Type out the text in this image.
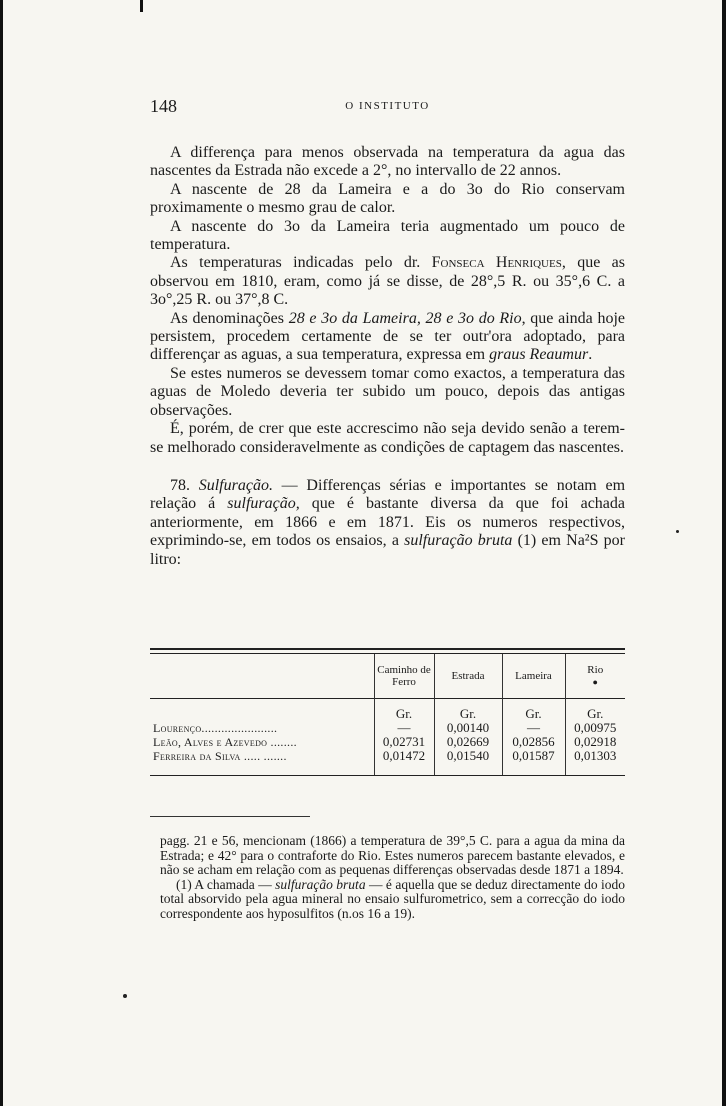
148	O INSTITUTO

A differença para menos observada na temperatura da agua das nascentes da Estrada não excede a 2°, no intervallo de 22 annos.

A nascente de 28 da Lameira e a do 3o do Rio conservam proximamente o mesmo grau de calor.

A nascente do 3o da Lameira teria augmentado um pouco de temperatura.

As temperaturas indicadas pelo dr. Fonseca Henriques, que as observou em 1810, eram, como já se disse, de 28°,5 R. ou 35°,6 C. a 3o°,25 R. ou 37°,8 C.

As denominações 28 e 3o da Lameira, 28 e 3o do Rio, que ainda hoje persistem, procedem certamente de se ter outr'ora adoptado, para differençar as aguas, a sua temperatura, expressa em graus Reaumur.

Se estes numeros se devessem tomar como exactos, a temperatura das aguas de Moledo deveria ter subido um pouco, depois das antigas observações.

É, porém, de crer que este accrescimo não seja devido senão a terem-se melhorado consideravelmente as condições de captagem das nascentes.

78. Sulfuração. — Differenças sérias e importantes se notam em relação á sulfuração, que é bastante diversa da que foi achada anteriormente, em 1866 e em 1871. Eis os numeros respectivos, exprimindo-se, em todos os ensaios, a sulfuração bruta (1) em Na²S por litro:

	Caminho de Ferro	Estrada	Lameira	Rio
●
	Gr.	Gr.	Gr.	Gr.
Lourenço.......................	—	0,00140	—	0,00975
Leão, Alves e Azevedo ........	0,02731	0,02669	0,02856	0,02918
Ferreira da Silva ..... .......	0,01472	0,01540	0,01587	0,01303

pagg. 21 e 56, mencionam (1866) a temperatura de 39°,5 C. para a agua da mina da Estrada; e 42° para o contraforte do Rio. Estes numeros parecem bastante elevados, e não se acham em relação com as pequenas differenças observadas desde 1871 a 1894.

(1) A chamada — sulfuração bruta — é aquella que se deduz directamente do iodo total absorvido pela agua mineral no ensaio sulfurometrico, sem a correcção do iodo correspondente aos hyposulfitos (n.os 16 a 19).
